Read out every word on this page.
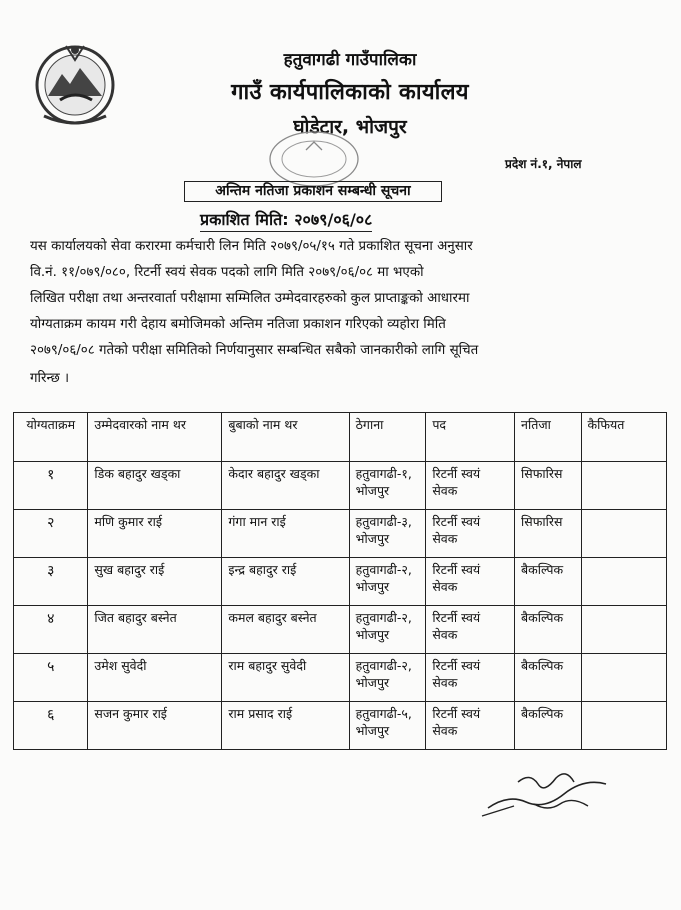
हतुवागढी गाउँपालिका
गाउँ कार्यपालिकाको कार्यालय
घोडेटार, भोजपुर
प्रदेश नं.१, नेपाल
अन्तिम नतिजा प्रकाशन सम्बन्धी सूचना
प्रकाशित मिति: २०७९/०६/०८
यस कार्यालयको सेवा करारमा कर्मचारी लिन मिति २०७९/०५/१५ गते प्रकाशित सूचना अनुसार
वि.नं. ११/०७९/०८०, रिटर्नी स्वयं सेवक पदको लागि मिति २०७९/०६/०८ मा भएको
लिखित परीक्षा तथा अन्तरवार्ता परीक्षामा सम्मिलित उम्मेदवारहरुको कुल प्राप्ताङ्कको आधारमा
योग्यताक्रम कायम गरी देहाय बमोजिमको अन्तिम नतिजा प्रकाशन गरिएको व्यहोरा मिति
२०७९/०६/०८ गतेको परीक्षा समितिको निर्णयानुसार सम्बन्धित सबैको जानकारीको लागि सूचित
गरिन्छ ।
योग्यताक्रम	उम्मेदवारको नाम थर	बुबाको नाम थर	ठेगाना	पद	नतिजा	कैफियत
१	डिक बहादुर खड्का	केदार बहादुर खड्का	हतुवागढी-१, भोजपुर	रिटर्नी स्वयं सेवक	सिफारिस	
२	मणि कुमार राई	गंगा मान राई	हतुवागढी-३, भोजपुर	रिटर्नी स्वयं सेवक	सिफारिस	
३	सुख बहादुर राई	इन्द्र बहादुर राई	हतुवागढी-२, भोजपुर	रिटर्नी स्वयं सेवक	बैकल्पिक	
४	जित बहादुर बस्नेत	कमल बहादुर बस्नेत	हतुवागढी-२, भोजपुर	रिटर्नी स्वयं सेवक	बैकल्पिक	
५	उमेश सुवेदी	राम बहादुर सुवेदी	हतुवागढी-२, भोजपुर	रिटर्नी स्वयं सेवक	बैकल्पिक	
६	सजन कुमार राई	राम प्रसाद राई	हतुवागढी-५, भोजपुर	रिटर्नी स्वयं सेवक	बैकल्पिक	
